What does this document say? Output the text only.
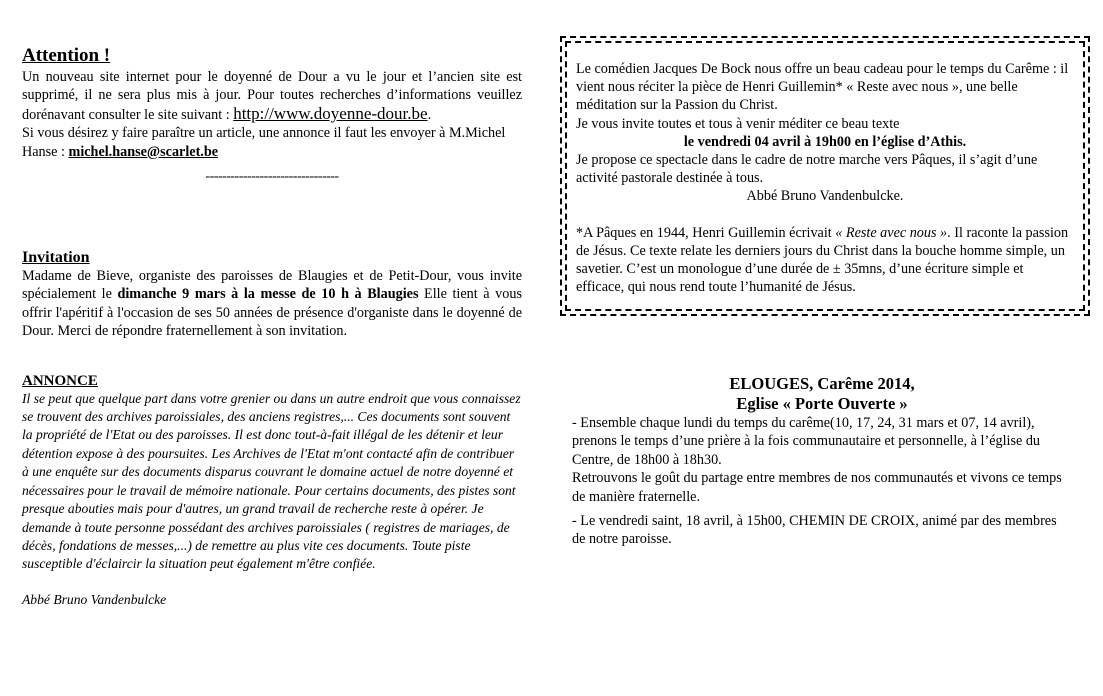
Attention !

Un nouveau site internet pour le doyenné de Dour a vu le jour et l’ancien site est supprimé, il ne sera plus mis à jour. Pour toutes recherches d’informations veuillez dorénavant consulter le site suivant : http://www.doyenne-dour.be.

Si vous désirez y faire paraître un article, une annonce il faut les envoyer à M.Michel Hanse : michel.hanse@scarlet.be

--------------------------------
Invitation

Madame de Bieve, organiste des paroisses de Blaugies et de Petit-Dour, vous invite spécialement le dimanche 9 mars à la messe de 10 h à Blaugies Elle tient à vous offrir l'apéritif à l'occasion de ses 50 années de présence d'organiste dans le doyenné de Dour. Merci de répondre fraternellement à son invitation.

ANNONCE

Il se peut que quelque part dans votre grenier ou dans un autre endroit que vous connaissez se trouvent des archives paroissiales, des anciens registres,... Ces documents sont souvent la propriété de l'Etat ou des paroisses. Il est donc tout-à-fait illégal de les détenir et leur détention expose à des poursuites. Les Archives de l'Etat m'ont contacté afin de contribuer à une enquête sur des documents disparus couvrant le domaine actuel de notre doyenné et nécessaires pour le travail de mémoire nationale. Pour certains documents, des pistes sont presque abouties mais pour d'autres, un grand travail de recherche reste à opérer. Je demande à toute personne possédant des archives paroissiales ( registres de mariages, de décès, fondations de messes,...) de remettre au plus vite ces documents. Toute piste susceptible d'éclaircir la situation peut également m'être confiée.

Abbé Bruno Vandenbulcke

Le comédien Jacques De Bock nous offre un beau cadeau pour le temps du Carême : il vient nous réciter la pièce de Henri Guillemin* « Reste avec nous », une belle méditation sur la Passion du Christ.

Je vous invite toutes et tous à venir méditer ce beau texte

le vendredi 04 avril à 19h00 en l’église d’Athis.

Je propose ce spectacle dans le cadre de notre marche vers Pâques, il s’agit d’une activité pastorale destinée à tous.

Abbé Bruno Vandenbulcke.

*A Pâques en 1944, Henri Guillemin écrivait « Reste avec nous ». Il raconte la passion de Jésus. Ce texte relate les derniers jours du Christ dans la bouche homme simple, un savetier. C’est un monologue d’une durée de ± 35mns, d’une écriture simple et efficace, qui nous rend toute l’humanité de Jésus.

ELOUGES, Carême 2014,
Eglise « Porte Ouverte »

- Ensemble chaque lundi du temps du carême(10, 17, 24, 31 mars et 07, 14 avril), prenons le temps d’une prière à la fois communautaire et personnelle, à l’église du Centre, de 18h00 à 18h30.

Retrouvons le goût du partage entre membres de nos communautés et vivons ce temps de manière fraternelle.

- Le vendredi saint, 18 avril, à 15h00, CHEMIN DE CROIX, animé par des membres de notre paroisse.
